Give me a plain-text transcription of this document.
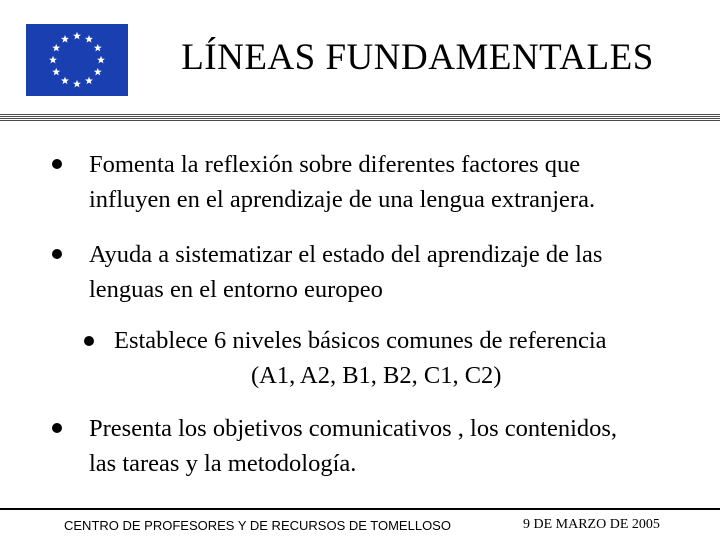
LÍNEAS FUNDAMENTALES
Fomenta la reflexión sobre diferentes factores que
influyen en el aprendizaje de una lengua extranjera.
Ayuda a sistematizar el estado del aprendizaje de las
lenguas en el entorno europeo
Establece 6 niveles básicos comunes de referencia
(A1, A2, B1, B2, C1, C2)
Presenta los objetivos comunicativos , los contenidos,
las tareas y la metodología.
CENTRO DE PROFESORES Y DE RECURSOS DE TOMELLOSO	9 DE MARZO DE 2005
